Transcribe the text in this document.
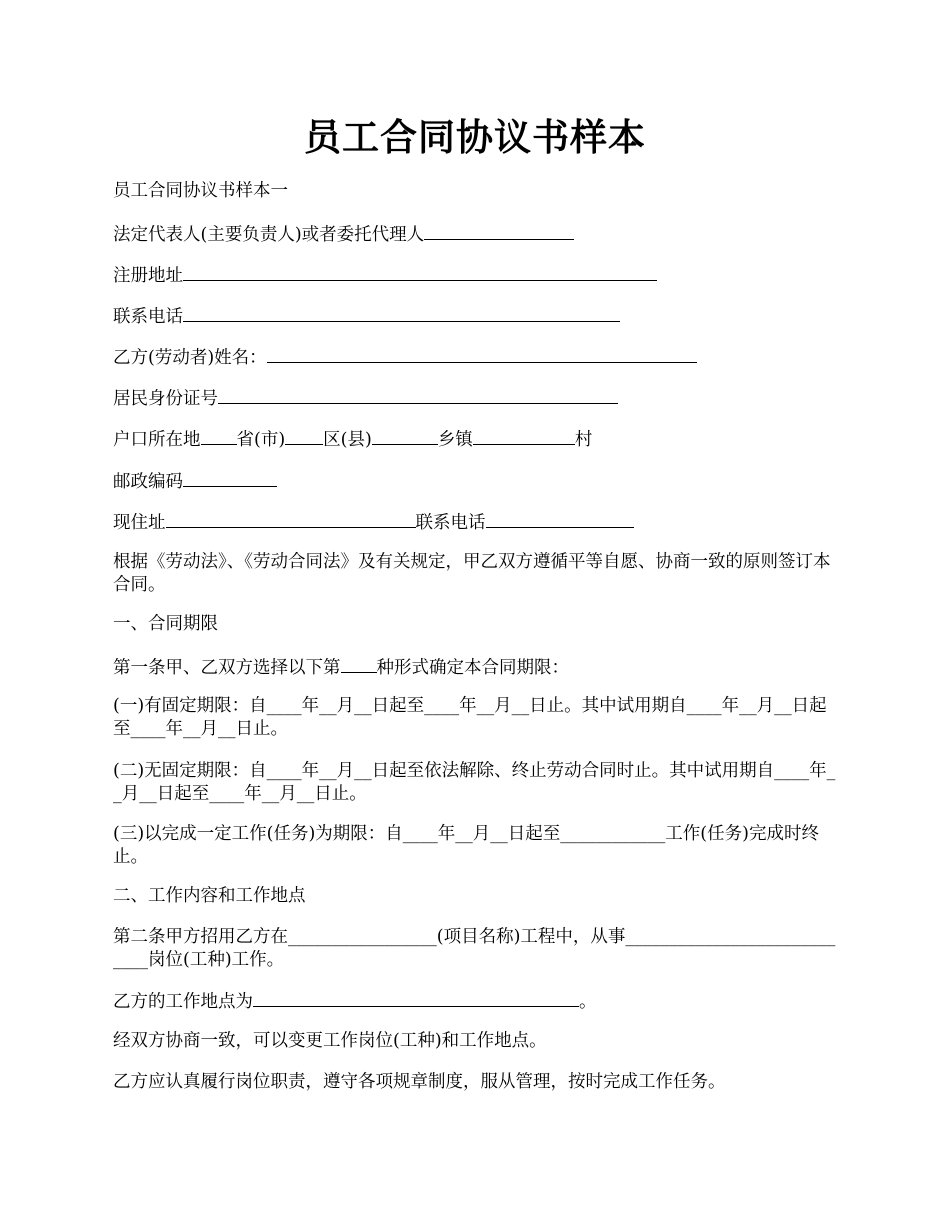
员工合同协议书样本
员工合同协议书样本一
法定代表人(主要负责人)或者委托代理人
注册地址
联系电话
乙方(劳动者)姓名：
居民身份证号
户口所在地 省(市) 区(县)	乡镇	村
邮政编码
现住址	联系电话
根据《劳动法》、《劳动合同法》及有关规定，甲乙双方遵循平等自愿、协商一致的原则签订本合同。
一、合同期限
第一条甲、乙双方选择以下第 种形式确定本合同期限：
(一)有固定期限：自____年__月__日起至____年__月__日止。其中试用期自____年__月__日起至____年__月__日止。
(二)无固定期限：自____年__月__日起至依法解除、终止劳动合同时止。其中试用期自____年__月__日起至____年__月__日止。
(三)以完成一定工作(任务)为期限：自____年__月__日起至____________工作(任务)完成时终止。
二、工作内容和工作地点
第二条甲方招用乙方在_________________(项目名称)工程中，从事____________________________岗位(工种)工作。
乙方的工作地点为	。
经双方协商一致，可以变更工作岗位(工种)和工作地点。
乙方应认真履行岗位职责，遵守各项规章制度，服从管理，按时完成工作任务。
